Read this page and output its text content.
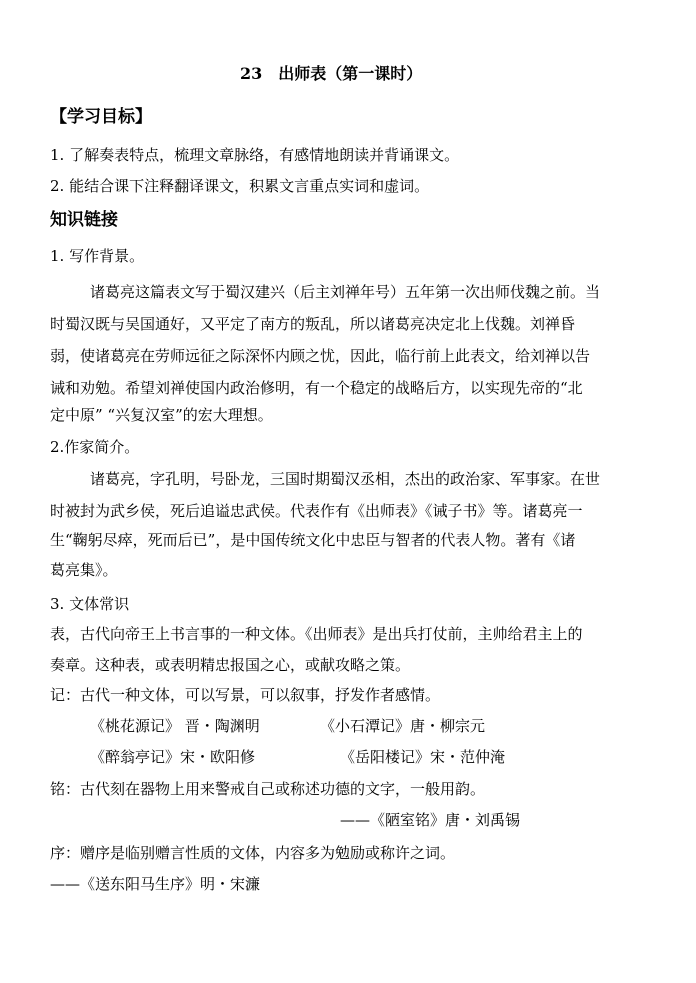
23　出师表（第一课时）
【学习目标】
1. 了解奏表特点，梳理文章脉络，有感情地朗读并背诵课文。
2. 能结合课下注释翻译课文，积累文言重点实词和虚词。
知识链接
1. 写作背景。
诸葛亮这篇表文写于蜀汉建兴（后主刘禅年号）五年第一次出师伐魏之前。当
时蜀汉既与吴国通好，又平定了南方的叛乱，所以诸葛亮决定北上伐魏。刘禅昏
弱，使诸葛亮在劳师远征之际深怀内顾之忧，因此，临行前上此表文，给刘禅以告
诫和劝勉。希望刘禅使国内政治修明，有一个稳定的战略后方，以实现先帝的“北
定中原” “兴复汉室”的宏大理想。
2.作家简介。
诸葛亮，字孔明，号卧龙，三国时期蜀汉丞相，杰出的政治家、军事家。在世
时被封为武乡侯，死后追谥忠武侯。代表作有《出师表》《诫子书》等。诸葛亮一
生“鞠躬尽瘁，死而后已”，是中国传统文化中忠臣与智者的代表人物。著有《诸
葛亮集》。
3. 文体常识
表，古代向帝王上书言事的一种文体。《出师表》是出兵打仗前，主帅给君主上的
奏章。这种表，或表明精忠报国之心，或献攻略之策。
记：古代一种文体，可以写景，可以叙事，抒发作者感情。
《桃花源记》 晋・陶渊明	《小石潭记》唐・柳宗元
《醉翁亭记》宋・欧阳修	《岳阳楼记》宋・范仲淹
铭：古代刻在器物上用来警戒自己或称述功德的文字，一般用韵。
——《陋室铭》唐・刘禹锡
序：赠序是临别赠言性质的文体，内容多为勉励或称许之词。
——《送东阳马生序》明・宋濂
